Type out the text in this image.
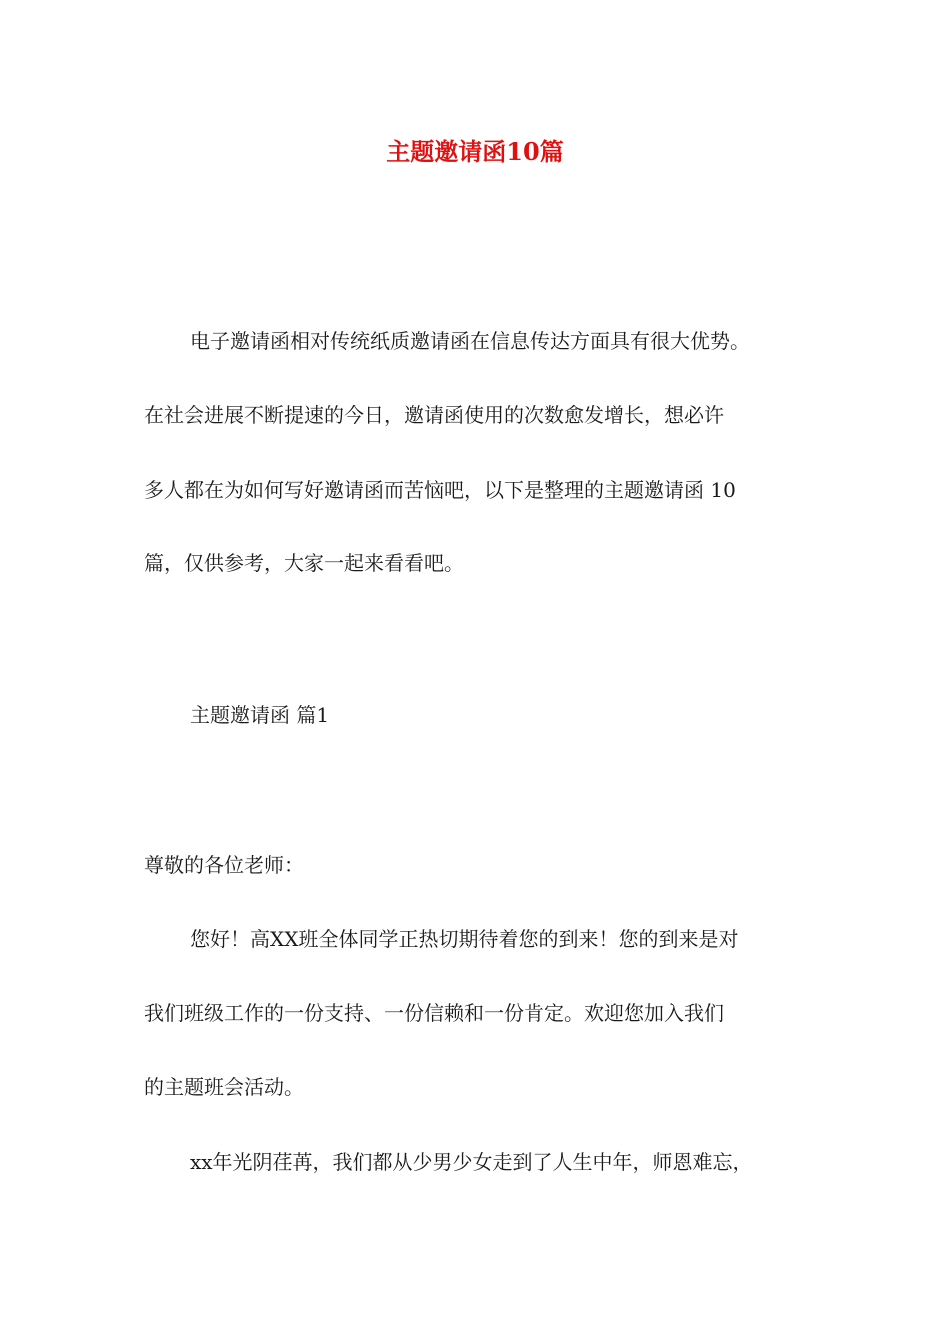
主题邀请函10篇

电子邀请函相对传统纸质邀请函在信息传达方面具有很大优势。

在社会进展不断提速的今日，邀请函使用的次数愈发增长，想必许

多人都在为如何写好邀请函而苦恼吧，以下是整理的主题邀请函 10

篇，仅供参考，大家一起来看看吧。

主题邀请函 篇1

尊敬的各位老师：

您好！高XX班全体同学正热切期待着您的到来！您的到来是对

我们班级工作的一份支持、一份信赖和一份肯定。欢迎您加入我们

的主题班会活动。

xx年光阴荏苒，我们都从少男少女走到了人生中年，师恩难忘，
